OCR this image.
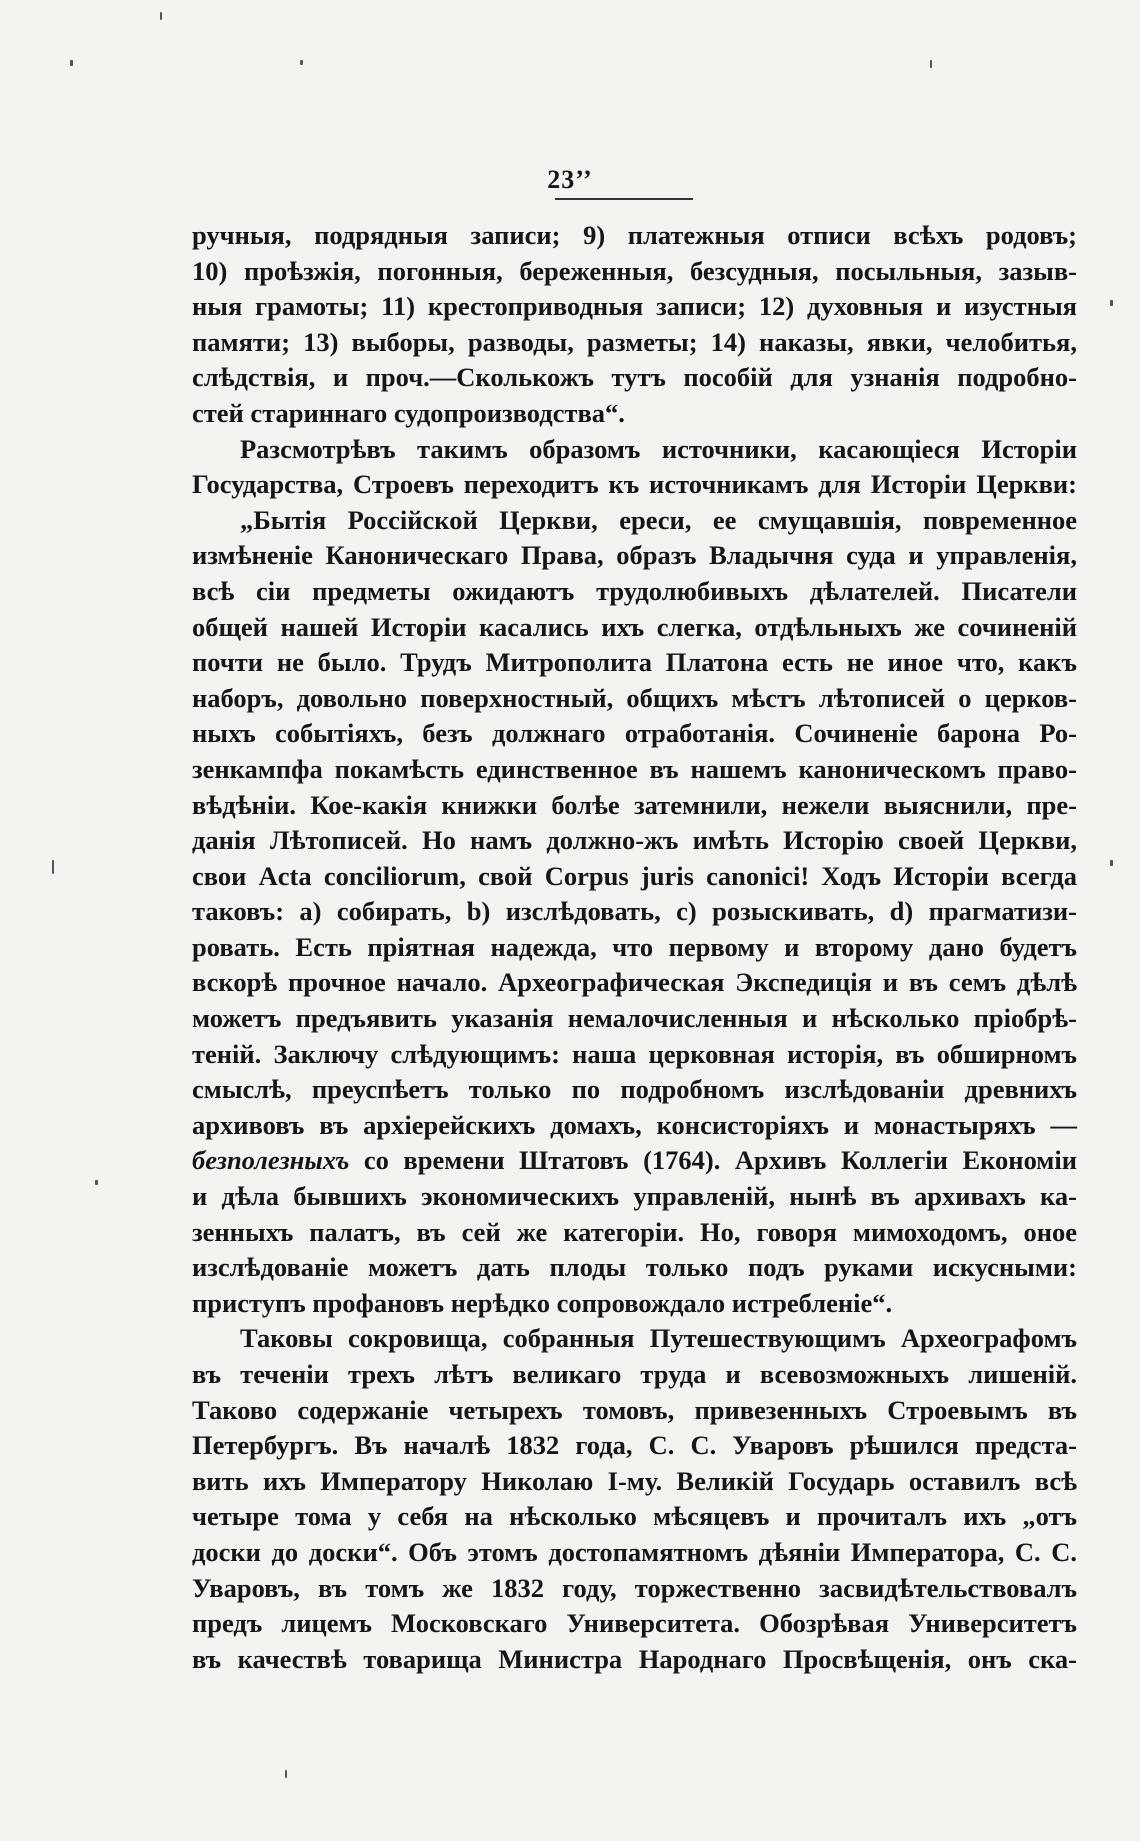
23’’
ручныя, подрядныя записи; 9) платежныя отписи всѣхъ родовъ;
10) проѣзжія, погонныя, береженныя, безсудныя, посыльныя, зазыв-
ныя грамоты; 11) крестоприводныя записи; 12) духовныя и изустныя
памяти; 13) выборы, разводы, разметы; 14) наказы, явки, челобитья,
слѣдствія, и проч.—Сколькожъ тутъ пособій для узнанія подробно-
стей стариннаго судопроизводства“.
Разсмотрѣвъ такимъ образомъ источники, касающіеся Исторіи
Государства, Строевъ переходитъ къ источникамъ для Исторіи Церкви:
„Бытія Россійской Церкви, ереси, ее смущавшія, повременное
измѣненіе Каноническаго Права, образъ Владычня суда и управленія,
всѣ сіи предметы ожидаютъ трудолюбивыхъ дѣлателей. Писатели
общей нашей Исторіи касались ихъ слегка, отдѣльныхъ же сочиненій
почти не было. Трудъ Митрополита Платона есть не иное что, какъ
наборъ, довольно поверхностный, общихъ мѣстъ лѣтописей о церков-
ныхъ событіяхъ, безъ должнаго отработанія. Сочиненіе барона Ро-
зенкампфа покамѣсть единственное въ нашемъ каноническомъ право-
вѣдѣніи. Кое-какія книжки болѣе затемнили, нежели выяснили, пре-
данія Лѣтописей. Но намъ должно-жъ имѣть Исторію своей Церкви,
свои Acta conciliorum, свой Corpus juris canonici! Ходъ Исторіи всегда
таковъ: a) собирать, b) изслѣдовать, c) розыскивать, d) прагматизи-
ровать. Есть пріятная надежда, что первому и второму дано будетъ
вскорѣ прочное начало. Археографическая Экспедиція и въ семъ дѣлѣ
можетъ предъявить указанія немалочисленныя и нѣсколько пріобрѣ-
теній. Заключу слѣдующимъ: наша церковная исторія, въ обширномъ
смыслѣ, преуспѣетъ только по подробномъ изслѣдованіи древнихъ
архивовъ въ архіерейскихъ домахъ, консисторіяхъ и монастыряхъ —
безполезныхъ со времени Штатовъ (1764). Архивъ Коллегіи Економіи
и дѣла бывшихъ экономическихъ управленій, нынѣ въ архивахъ ка-
зенныхъ палатъ, въ сей же категоріи. Но, говоря мимоходомъ, оное
изслѣдованіе можетъ дать плоды только подъ руками искусными:
приступъ профановъ нерѣдко сопровождало истребленіе“.
Таковы сокровища, собранныя Путешествующимъ Археографомъ
въ теченіи трехъ лѣтъ великаго труда и всевозможныхъ лишеній.
Таково содержаніе четырехъ томовъ, привезенныхъ Строевымъ въ
Петербургъ. Въ началѣ 1832 года, С. С. Уваровъ рѣшился предста-
вить ихъ Императору Николаю I-му. Великій Государь оставилъ всѣ
четыре тома у себя на нѣсколько мѣсяцевъ и прочиталъ ихъ „отъ
доски до доски“. Объ этомъ достопамятномъ дѣяніи Императора, С. С.
Уваровъ, въ томъ же 1832 году, торжественно засвидѣтельствовалъ
предъ лицемъ Московскаго Университета. Обозрѣвая Университетъ
въ качествѣ товарища Министра Народнаго Просвѣщенія, онъ ска-
